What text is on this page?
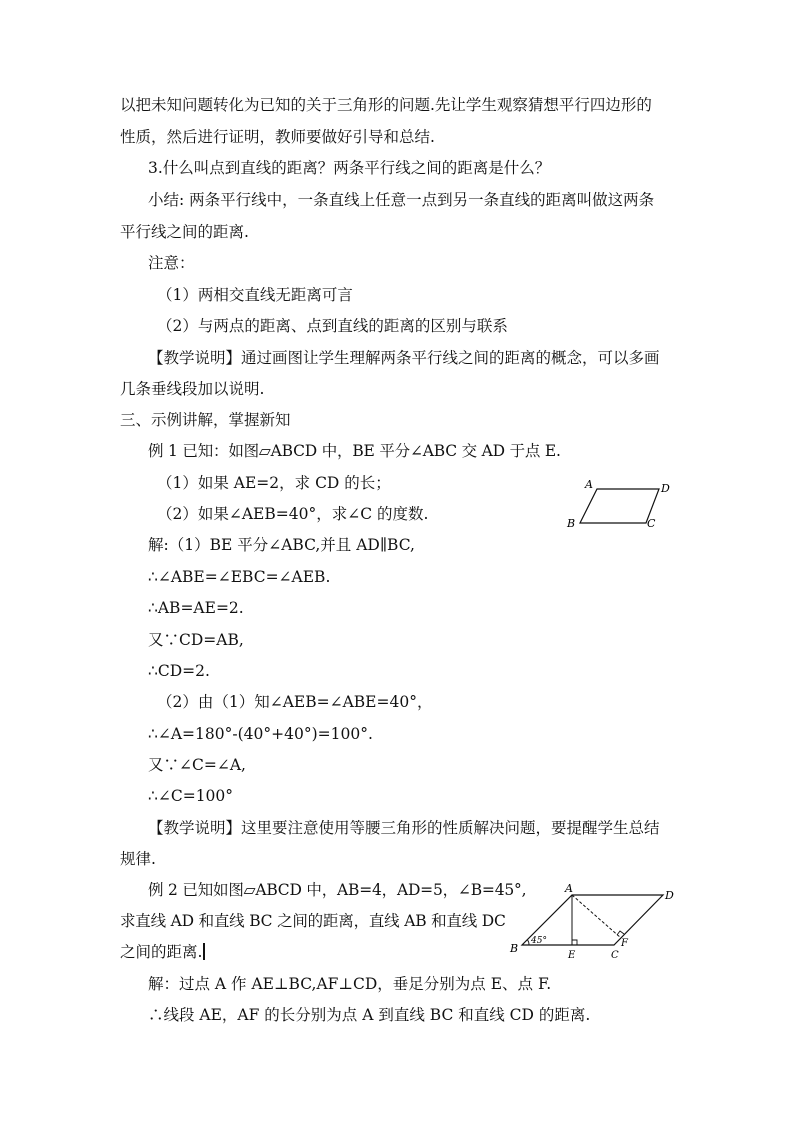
以把未知问题转化为已知的关于三角形的问题.先让学生观察猜想平行四边形的
性质，然后进行证明，教师要做好引导和总结.
3.什么叫点到直线的距离？两条平行线之间的距离是什么？
小结: 两条平行线中，一条直线上任意一点到另一条直线的距离叫做这两条
平行线之间的距离.
注意：
（1）两相交直线无距离可言
（2）与两点的距离、点到直线的距离的区别与联系
【教学说明】通过画图让学生理解两条平行线之间的距离的概念，可以多画
几条垂线段加以说明.
三、示例讲解，掌握新知
例 1 已知：如图▱ABCD 中，BE 平分∠ABC 交 AD 于点 E.
（1）如果 AE=2，求 CD 的长；
（2）如果∠AEB=40°，求∠C 的度数.
解:（1）BE 平分∠ABC,并且 AD∥BC,
∴∠ABE=∠EBC=∠AEB.
∴AB=AE=2.
又∵CD=AB,
∴CD=2.
（2）由（1）知∠AEB=∠ABE=40°，
∴∠A=180°-(40°+40°)=100°.
又∵∠C=∠A,
∴∠C=100°
【教学说明】这里要注意使用等腰三角形的性质解决问题，要提醒学生总结
规律.
例 2 已知如图▱ABCD 中，AB=4，AD=5，∠B=45°,
求直线 AD 和直线 BC 之间的距离，直线 AB 和直线 DC
之间的距离.
解：过点 A 作 AE⊥BC,AF⊥CD，垂足分别为点 E、点 F.
∴线段 AE，AF 的长分别为点 A 到直线 BC 和直线 CD 的距离.
A	D
B	C
A
D
B
E	C
F
45°
